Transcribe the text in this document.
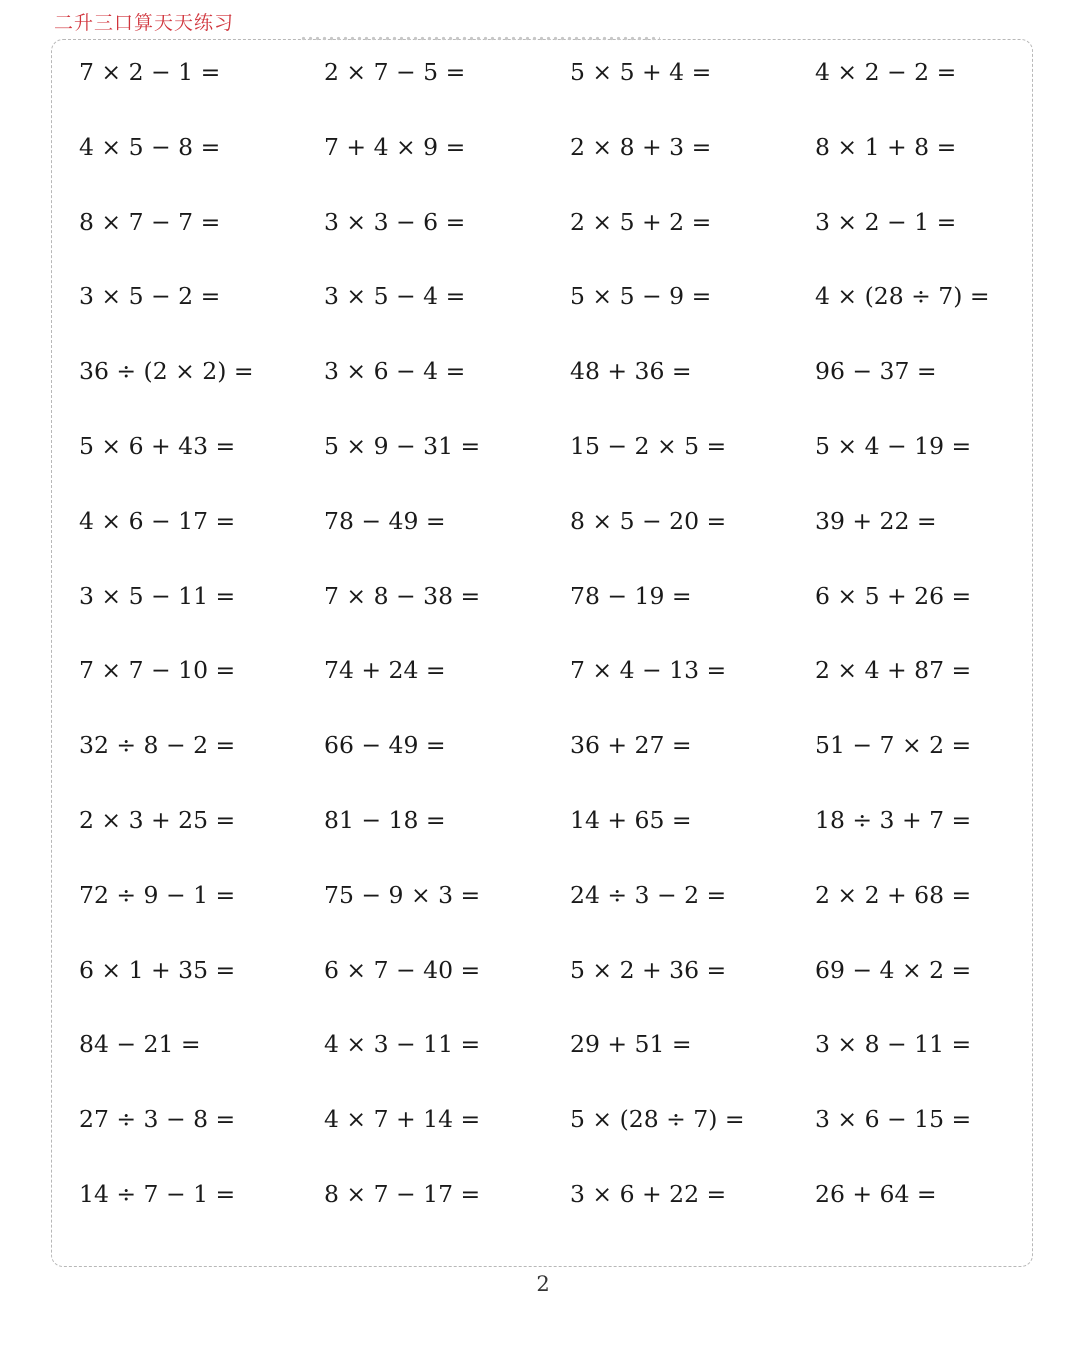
二升三口算天天练习
7 × 2 − 1 =	2 × 7 − 5 =	5 × 5 + 4 =	4 × 2 − 2 =
4 × 5 − 8 =	7 + 4 × 9 =	2 × 8 + 3 =	8 × 1 + 8 =
8 × 7 − 7 =	3 × 3 − 6 =	2 × 5 + 2 =	3 × 2 − 1 =
3 × 5 − 2 =	3 × 5 − 4 =	5 × 5 − 9 =	4 × (28 ÷ 7) =
36 ÷ (2 × 2) =	3 × 6 − 4 =	48 + 36 =	96 − 37 =
5 × 6 + 43 =	5 × 9 − 31 =	15 − 2 × 5 =	5 × 4 − 19 =
4 × 6 − 17 =	78 − 49 =	8 × 5 − 20 =	39 + 22 =
3 × 5 − 11 =	7 × 8 − 38 =	78 − 19 =	6 × 5 + 26 =
7 × 7 − 10 =	74 + 24 =	7 × 4 − 13 =	2 × 4 + 87 =
32 ÷ 8 − 2 =	66 − 49 =	36 + 27 =	51 − 7 × 2 =
2 × 3 + 25 =	81 − 18 =	14 + 65 =	18 ÷ 3 + 7 =
72 ÷ 9 − 1 =	75 − 9 × 3 =	24 ÷ 3 − 2 =	2 × 2 + 68 =
6 × 1 + 35 =	6 × 7 − 40 =	5 × 2 + 36 =	69 − 4 × 2 =
84 − 21 =	4 × 3 − 11 =	29 + 51 =	3 × 8 − 11 =
27 ÷ 3 − 8 =	4 × 7 + 14 =	5 × (28 ÷ 7) =	3 × 6 − 15 =
14 ÷ 7 − 1 =	8 × 7 − 17 =	3 × 6 + 22 =	26 + 64 =
2
